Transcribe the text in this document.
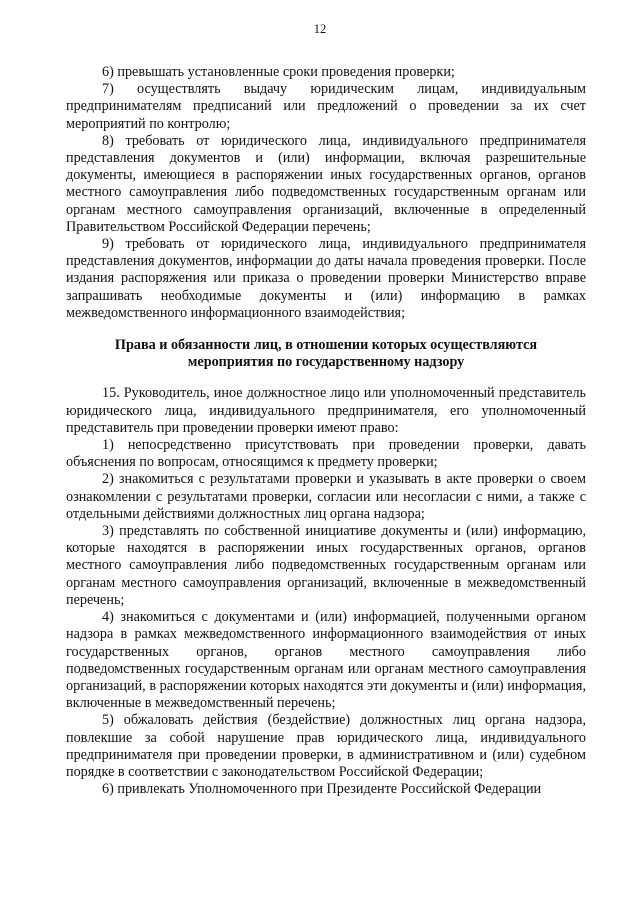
12

6) превышать установленные сроки проведения проверки;

7) осуществлять выдачу юридическим лицам, индивидуальным предпринимателям предписаний или предложений о проведении за их счет мероприятий по контролю;

8) требовать от юридического лица, индивидуального предпринимателя представления документов и (или) информации, включая разрешительные документы, имеющиеся в распоряжении иных государственных органов, органов местного самоуправления либо подведомственных государственным органам или органам местного самоуправления организаций, включенные в определенный Правительством Российской Федерации перечень;

9) требовать от юридического лица, индивидуального предпринимателя представления документов, информации до даты начала проведения проверки. После издания распоряжения или приказа о проведении проверки Министерство вправе запрашивать необходимые документы и (или) информацию в рамках межведомственного информационного взаимодействия;

Права и обязанности лиц, в отношении которых осуществляются
мероприятия по государственному надзору

15. Руководитель, иное должностное лицо или уполномоченный представитель юридического лица, индивидуального предпринимателя, его уполномоченный представитель при проведении проверки имеют право:

1) непосредственно присутствовать при проведении проверки, давать объяснения по вопросам, относящимся к предмету проверки;

2) знакомиться с результатами проверки и указывать в акте проверки о своем ознакомлении с результатами проверки, согласии или несогласии с ними, а также с отдельными действиями должностных лиц органа надзора;

3) представлять по собственной инициативе документы и (или) информацию, которые находятся в распоряжении иных государственных органов, органов местного самоуправления либо подведомственных государственным органам или органам местного самоуправления организаций, включенные в межведомственный перечень;

4) знакомиться с документами и (или) информацией, полученными органом надзора в рамках межведомственного информационного взаимодействия от иных государственных органов, органов местного самоуправления либо подведомственных государственным органам или органам местного самоуправления организаций, в распоряжении которых находятся эти документы и (или) информация, включенные в межведомственный перечень;

5) обжаловать действия (бездействие) должностных лиц органа надзора, повлекшие за собой нарушение прав юридического лица, индивидуального предпринимателя при проведении проверки, в административном и (или) судебном порядке в соответствии с законодательством Российской Федерации;

6) привлекать Уполномоченного при Президенте Российской Федерации
